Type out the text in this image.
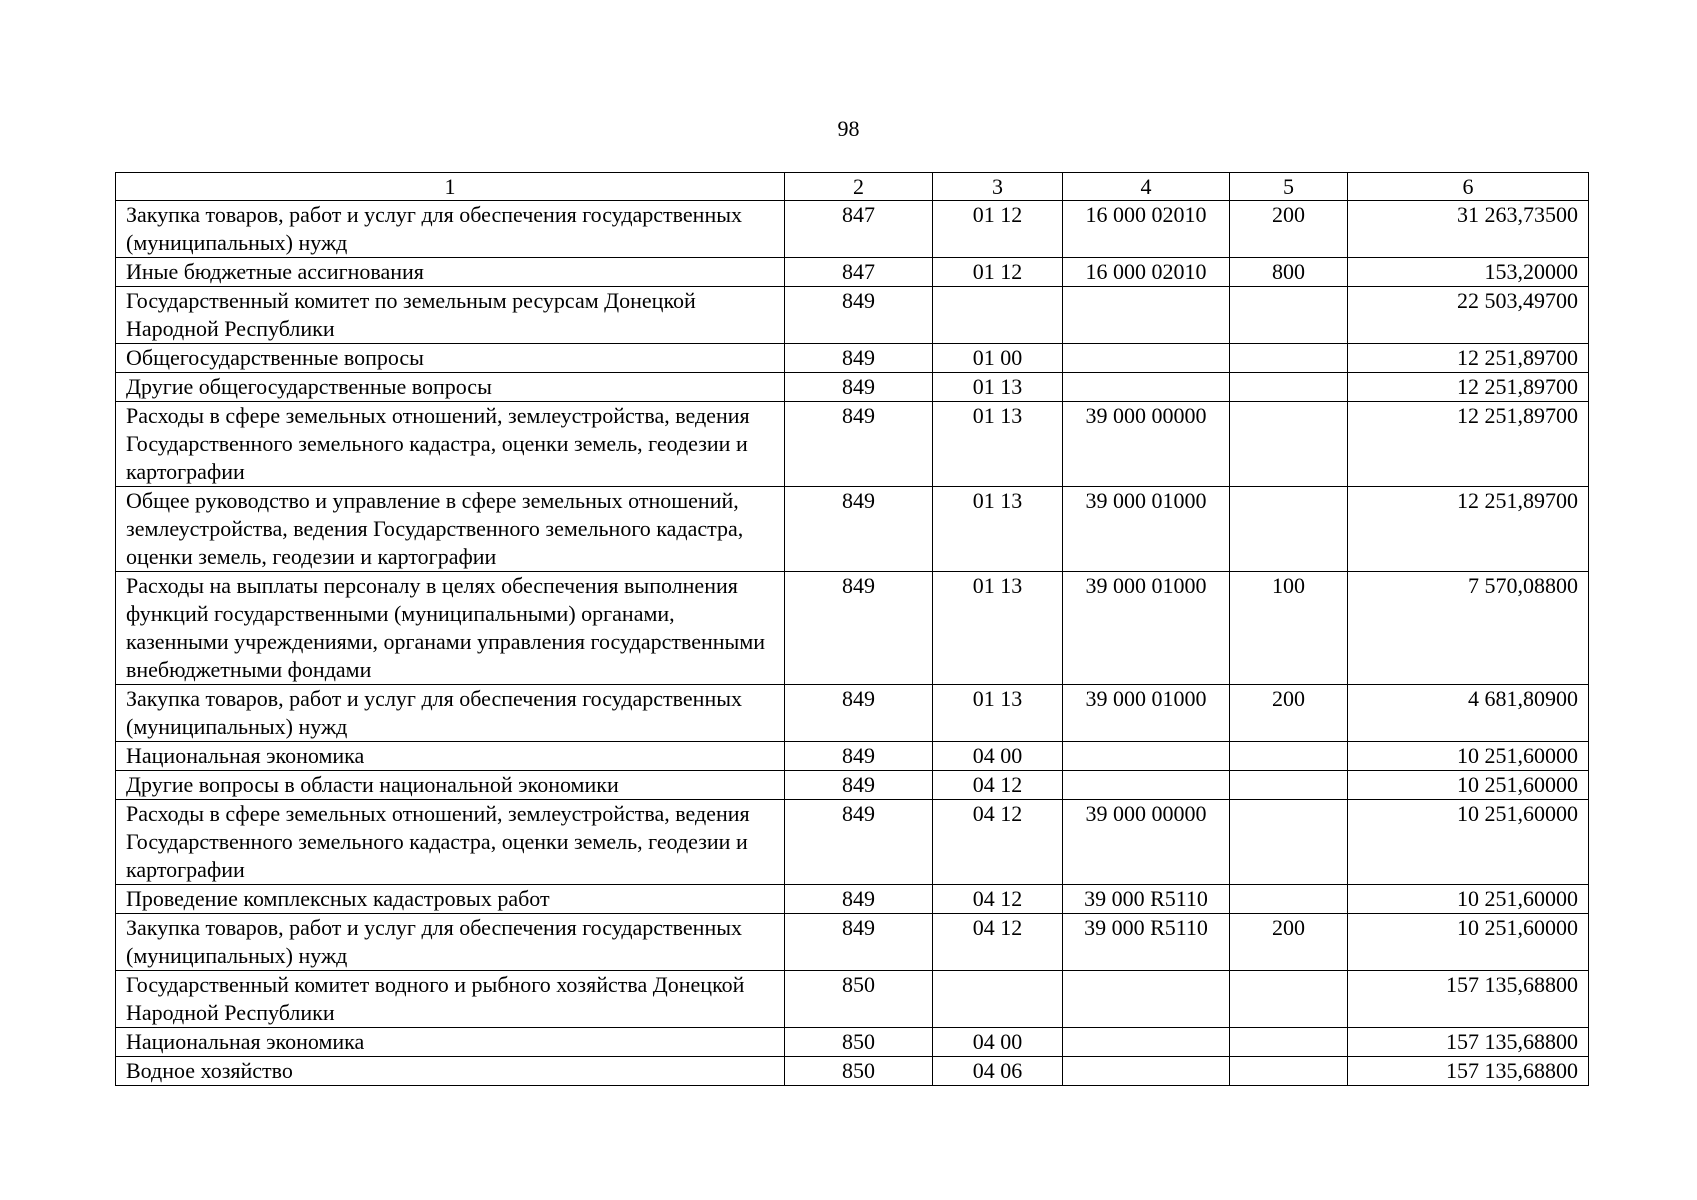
98
1	2	3	4	5	6
Закупка товаров, работ и услуг для обеспечения государственных (муниципальных) нужд	847	01 12	16 000 02010	200	31 263,73500
Иные бюджетные ассигнования	847	01 12	16 000 02010	800	153,20000
Государственный комитет по земельным ресурсам Донецкой Народной Республики	849				22 503,49700
Общегосударственные вопросы	849	01 00			12 251,89700
Другие общегосударственные вопросы	849	01 13			12 251,89700
Расходы в сфере земельных отношений, землеустройства, ведения Государственного земельного кадастра, оценки земель, геодезии и картографии	849	01 13	39 000 00000		12 251,89700
Общее руководство и управление в сфере земельных отношений, землеустройства, ведения Государственного земельного кадастра, оценки земель, геодезии и картографии	849	01 13	39 000 01000		12 251,89700
Расходы на выплаты персоналу в целях обеспечения выполнения функций государственными (муниципальными) органами, казенными учреждениями, органами управления государственными внебюджетными фондами	849	01 13	39 000 01000	100	7 570,08800
Закупка товаров, работ и услуг для обеспечения государственных (муниципальных) нужд	849	01 13	39 000 01000	200	4 681,80900
Национальная экономика	849	04 00			10 251,60000
Другие вопросы в области национальной экономики	849	04 12			10 251,60000
Расходы в сфере земельных отношений, землеустройства, ведения Государственного земельного кадастра, оценки земель, геодезии и картографии	849	04 12	39 000 00000		10 251,60000
Проведение комплексных кадастровых работ	849	04 12	39 000 R5110		10 251,60000
Закупка товаров, работ и услуг для обеспечения государственных (муниципальных) нужд	849	04 12	39 000 R5110	200	10 251,60000
Государственный комитет водного и рыбного хозяйства Донецкой Народной Республики	850				157 135,68800
Национальная экономика	850	04 00			157 135,68800
Водное хозяйство	850	04 06			157 135,68800
